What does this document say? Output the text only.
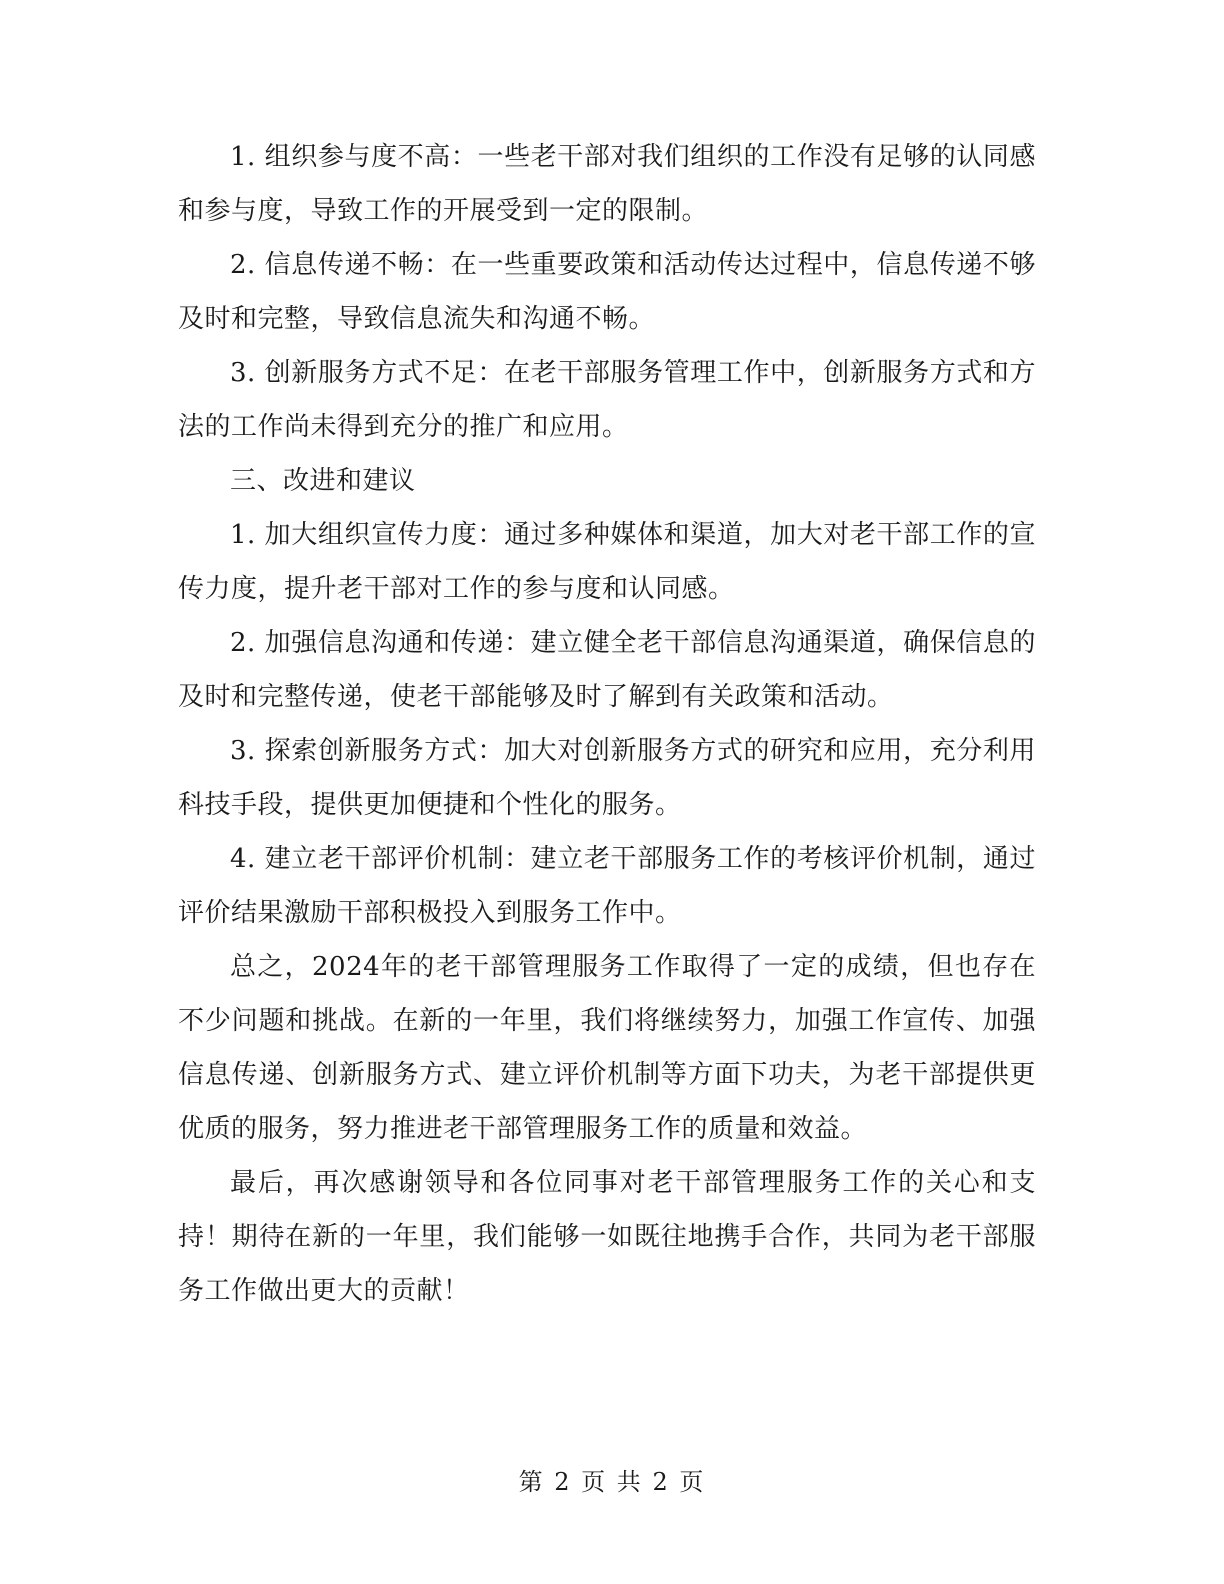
1. 组织参与度不高：一些老干部对我们组织的工作没有足够的认同感和参与度，导致工作的开展受到一定的限制。

2. 信息传递不畅：在一些重要政策和活动传达过程中，信息传递不够及时和完整，导致信息流失和沟通不畅。

3. 创新服务方式不足：在老干部服务管理工作中，创新服务方式和方法的工作尚未得到充分的推广和应用。

三、改进和建议

1. 加大组织宣传力度：通过多种媒体和渠道，加大对老干部工作的宣传力度，提升老干部对工作的参与度和认同感。

2. 加强信息沟通和传递：建立健全老干部信息沟通渠道，确保信息的及时和完整传递，使老干部能够及时了解到有关政策和活动。

3. 探索创新服务方式：加大对创新服务方式的研究和应用，充分利用科技手段，提供更加便捷和个性化的服务。

4. 建立老干部评价机制：建立老干部服务工作的考核评价机制，通过评价结果激励干部积极投入到服务工作中。

总之，2024年的老干部管理服务工作取得了一定的成绩，但也存在不少问题和挑战。在新的一年里，我们将继续努力，加强工作宣传、加强信息传递、创新服务方式、建立评价机制等方面下功夫，为老干部提供更优质的服务，努力推进老干部管理服务工作的质量和效益。

最后，再次感谢领导和各位同事对老干部管理服务工作的关心和支持！期待在新的一年里，我们能够一如既往地携手合作，共同为老干部服务工作做出更大的贡献！

第 2 页 共 2 页
